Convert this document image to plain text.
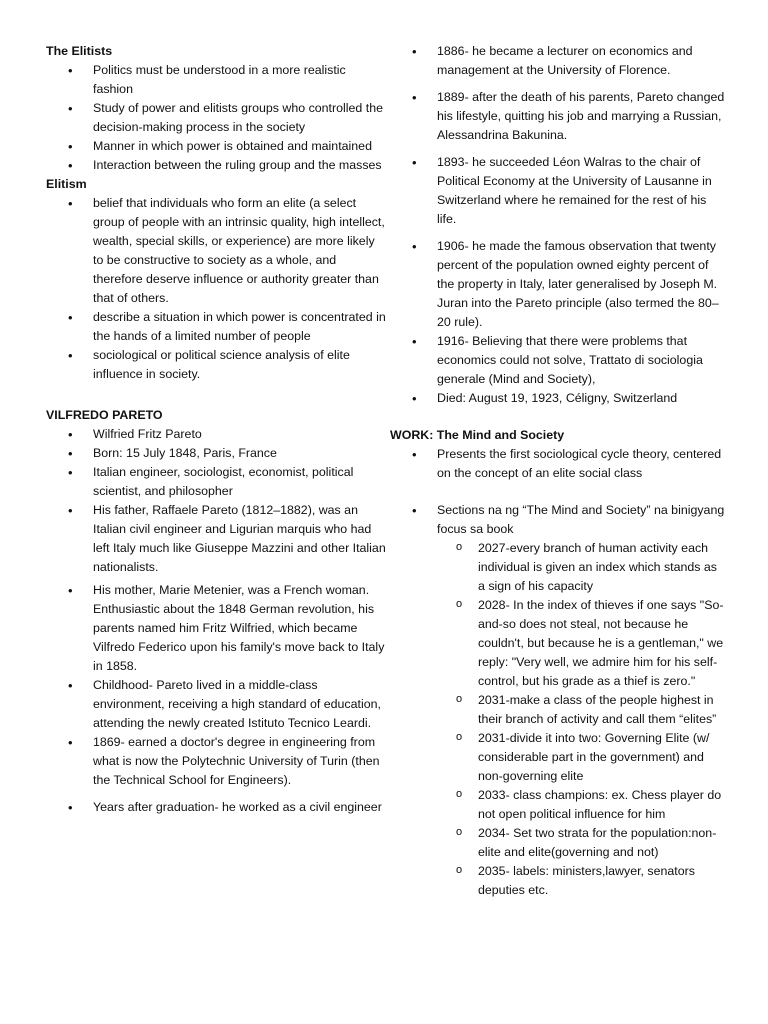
The Elitists
• Politics must be understood in a more realistic fashion
• Study of power and elitists groups who controlled the decision-making process in the society
• Manner in which power is obtained and maintained
• Interaction between the ruling group and the masses
Elitism
• belief that individuals who form an elite (a select group of people with an intrinsic quality, high intellect, wealth, special skills, or experience) are more likely to be constructive to society as a whole, and therefore deserve influence or authority greater than that of others.
• describe a situation in which power is concentrated in the hands of a limited number of people
• sociological or political science analysis of elite influence in society.
VILFREDO PARETO
• Wilfried Fritz Pareto
• Born: 15 July 1848, Paris, France
• Italian engineer, sociologist, economist, political scientist, and philosopher
• His father, Raffaele Pareto (1812–1882), was an Italian civil engineer and Ligurian marquis who had left Italy much like Giuseppe Mazzini and other Italian nationalists.
• His mother, Marie Metenier, was a French woman. Enthusiastic about the 1848 German revolution, his parents named him Fritz Wilfried, which became Vilfredo Federico upon his family's move back to Italy in 1858.
• Childhood- Pareto lived in a middle-class environment, receiving a high standard of education, attending the newly created Istituto Tecnico Leardi.
• 1869- earned a doctor's degree in engineering from what is now the Polytechnic University of Turin (then the Technical School for Engineers).
• Years after graduation- he worked as a civil engineer
• 1886- he became a lecturer on economics and management at the University of Florence.
• 1889- after the death of his parents, Pareto changed his lifestyle, quitting his job and marrying a Russian, Alessandrina Bakunina.
• 1893- he succeeded Léon Walras to the chair of Political Economy at the University of Lausanne in Switzerland where he remained for the rest of his life.
• 1906- he made the famous observation that twenty percent of the population owned eighty percent of the property in Italy, later generalised by Joseph M. Juran into the Pareto principle (also termed the 80–20 rule).
• 1916- Believing that there were problems that economics could not solve, Trattato di sociologia generale (Mind and Society),
• Died: August 19, 1923, Céligny, Switzerland
WORK: The Mind and Society
• Presents the first sociological cycle theory, centered on the concept of an elite social class
• Sections na ng “The Mind and Society” na binigyang focus sa book
o 2027-every branch of human activity each individual is given an index which stands as a sign of his capacity
o 2028- In the index of thieves if one says "So-and-so does not steal, not because he couldn't, but because he is a gentleman," we reply: "Very well, we admire him for his self-control, but his grade as a thief is zero."
o 2031-make a class of the people highest in their branch of activity and call them “elites”
o 2031-divide it into two: Governing Elite (w/ considerable part in the government) and non-governing elite
o 2033- class champions: ex. Chess player do not open political influence for him
o 2034- Set two strata for the population:non-elite and elite(governing and not)
o 2035- labels: ministers,lawyer, senators deputies etc.
